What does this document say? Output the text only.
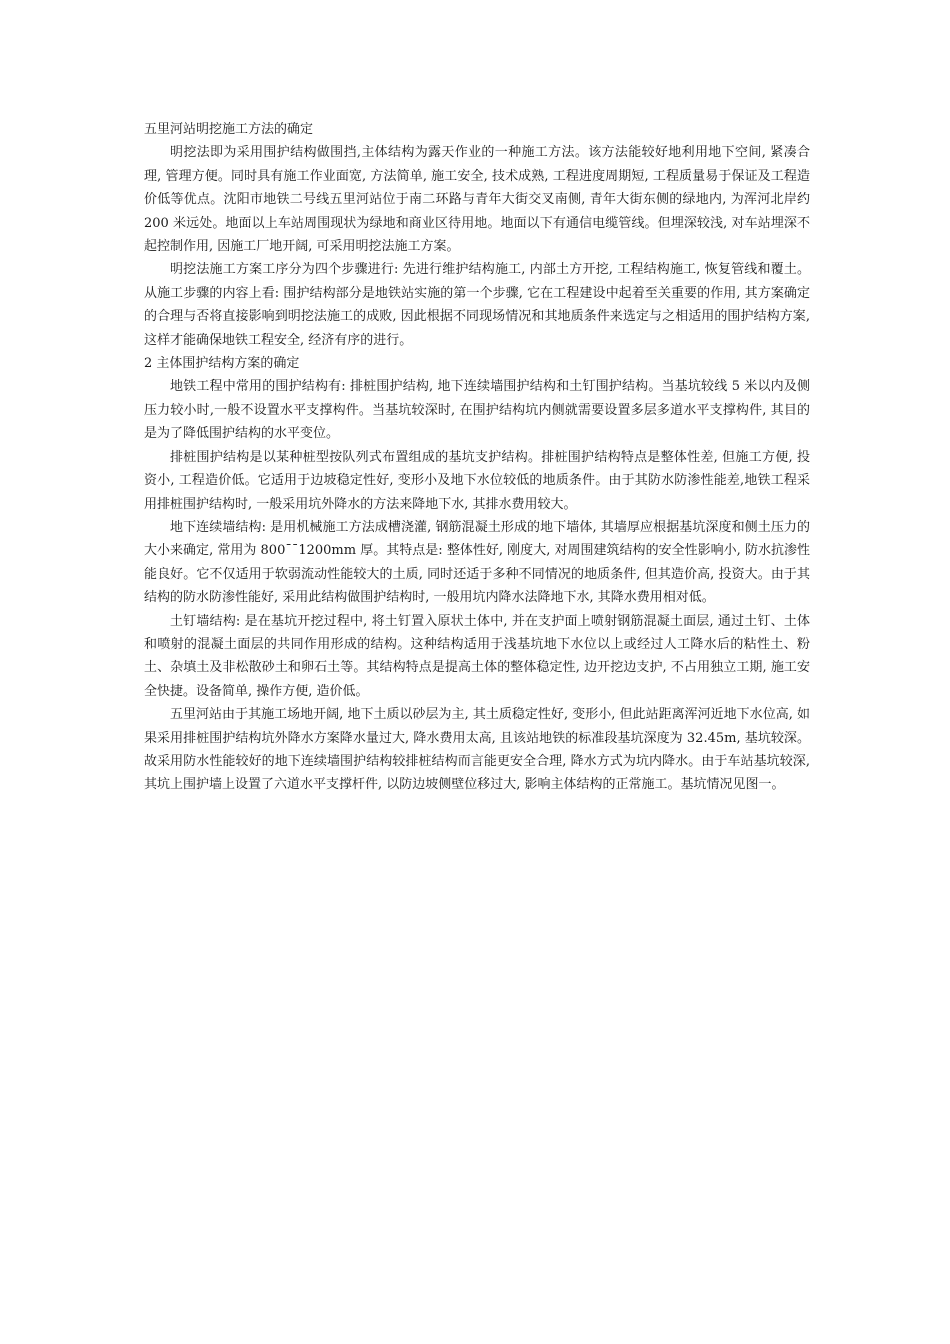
五里河站明挖施工方法的确定

明挖法即为采用围护结构做围挡,主体结构为露天作业的一种施工方法。该方法能较好地利用地下空间, 紧凑合理, 管理方便。同时具有施工作业面宽, 方法简单, 施工安全, 技术成熟, 工程进度周期短, 工程质量易于保证及工程造价低等优点。沈阳市地铁二号线五里河站位于南二环路与青年大街交叉南侧, 青年大街东侧的绿地内, 为浑河北岸约 200 米远处。地面以上车站周围现状为绿地和商业区待用地。地面以下有通信电缆管线。但埋深较浅, 对车站埋深不起控制作用, 因施工厂地开阔, 可采用明挖法施工方案。

明挖法施工方案工序分为四个步骤进行: 先进行维护结构施工, 内部土方开挖, 工程结构施工, 恢复管线和覆土。从施工步骤的内容上看: 围护结构部分是地铁站实施的第一个步骤, 它在工程建设中起着至关重要的作用, 其方案确定的合理与否将直接影响到明挖法施工的成败, 因此根据不同现场情况和其地质条件来选定与之相适用的围护结构方案, 这样才能确保地铁工程安全, 经济有序的进行。

2 主体围护结构方案的确定

地铁工程中常用的围护结构有: 排桩围护结构, 地下连续墙围护结构和土钉围护结构。当基坑较线 5 米以内及侧压力较小时,一般不设置水平支撑构件。当基坑较深时, 在围护结构坑内侧就需要设置多层多道水平支撑构件, 其目的是为了降低围护结构的水平变位。

排桩围护结构是以某种桩型按队列式布置组成的基坑支护结构。排桩围护结构特点是整体性差, 但施工方便, 投资小, 工程造价低。它适用于边坡稳定性好, 变形小及地下水位较低的地质条件。由于其防水防渗性能差,地铁工程采用排桩围护结构时, 一般采用坑外降水的方法来降地下水, 其排水费用较大。

地下连续墙结构: 是用机械施工方法成槽浇灌, 钢筋混凝土形成的地下墙体, 其墙厚应根据基坑深度和侧土压力的大小来确定, 常用为 800¯¯1200mm 厚。其特点是: 整体性好, 刚度大, 对周围建筑结构的安全性影响小, 防水抗渗性能良好。它不仅适用于软弱流动性能较大的土质, 同时还适于多种不同情况的地质条件, 但其造价高, 投资大。由于其结构的防水防渗性能好, 采用此结构做围护结构时, 一般用坑内降水法降地下水, 其降水费用相对低。

土钉墙结构: 是在基坑开挖过程中, 将土钉置入原状土体中, 并在支护面上喷射钢筋混凝土面层, 通过土钉、土体和喷射的混凝土面层的共同作用形成的结构。这种结构适用于浅基坑地下水位以上或经过人工降水后的粘性土、粉土、杂填土及非松散砂土和卵石土等。其结构特点是提高土体的整体稳定性, 边开挖边支护, 不占用独立工期, 施工安全快捷。设备简单, 操作方便, 造价低。

五里河站由于其施工场地开阔, 地下土质以砂层为主, 其土质稳定性好, 变形小, 但此站距离浑河近地下水位高, 如果采用排桩围护结构坑外降水方案降水量过大, 降水费用太高, 且该站地铁的标准段基坑深度为 32.45m, 基坑较深。故采用防水性能较好的地下连续墙围护结构较排桩结构而言能更安全合理, 降水方式为坑内降水。由于车站基坑较深, 其坑上围护墙上设置了六道水平支撑杆件, 以防边坡侧壁位移过大, 影响主体结构的正常施工。基坑情况见图一。
